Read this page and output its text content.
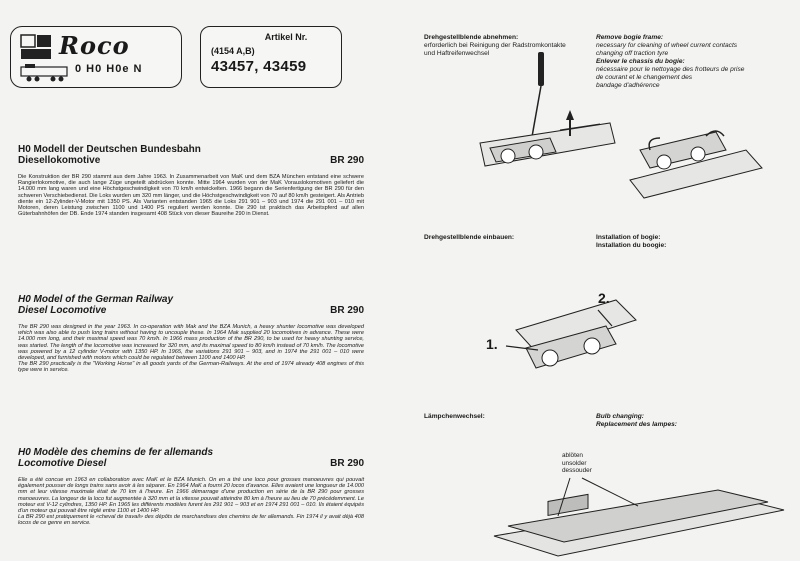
Roco
0 H0 H0e N
Artikel Nr.
(4154 A,B)
43457, 43459
H0 Modell der Deutschen Bundesbahn
Diesellokomotive	BR 290

Die Konstruktion der BR 290 stammt aus dem Jahre 1963. In Zusammenarbeit von MaK und dem BZA München entstand eine schwere Rangierlokomotive, die auch lange Züge ungeteilt abdrücken konnte. Mitte 1964 wurden von der MaK Vorauslokomotiven geliefert die 14.000 mm lang waren und eine Höchstgeschwindigkeit von 70 km/h entwickelten. 1966 begann die Serienfertigung der BR 290 für den schweren Verschiebedienst. Die Loks wurden um 320 mm länger, und die Höchstgeschwindigkeit von 70 auf 80 km/h gesteigert. Als Antrieb diente ein 12-Zylinder-V-Motor mit 1350 PS. Als Varianten entstanden 1965 die Loks 291 901 – 903 und 1974 die 291 001 – 010 mit Motoren, deren Leistung zwischen 1100 und 1400 PS reguliert werden konnte. Die 290 ist praktisch das Arbeitspferd auf allen Güterbahnhöfen der DB. Ende 1974 standen insgesamt 408 Stück von dieser Baureihe 290 in Dienst.

H0 Model of the German Railway
Diesel Locomotive	BR 290

The BR 290 was designed in the year 1963. In co-operation with Mak and the BZA Munich, a heavy shunter locomotive was developed which was also able to push long trains without having to uncouple these. In 1964 Mak supplied 20 locomotives in advance. These were 14.000 mm long, and their maximal speed was 70 km/h. In 1966 mass production of the BR 290, to be used for heavy shunting service, was started. The length of the locomotive was increased for 320 mm, and its maximal speed to 80 km/h instead of 70 km/h. The locomotive was powered by a 12 cylinder V-motor with 1350 HP. In 1965, the variations 291 901 – 903, and in 1974 the 291 001 – 010 were developed, and furnished with motors which could be regulated between 1100 and 1400 HP.

The BR 290 practically is the "Working Horse" in all goods yards of the German-Railways. At the end of 1974 already 408 engines of this type were in service.

H0 Modèle des chemins de fer allemands
Locomotive Diesel	BR 290

Elle a été concue en 1963 en collaboration avec MaK et le BZA Munich. On en a tiré une loco pour grosses manoeuvres qui pouvait également pousser de longs trains sans avoir à les séparer. En 1964 MaK a fourni 20 locos d'avance. Elles avaient une longueur de 14.000 mm et leur vitesse maximale était de 70 km à l'heure. En 1966 démarrage d'une production en série de la BR 290 pour grosses manoeuvres. La longeur de la loco fut augmentée à 320 mm et la vitesse pouvait atteindre 80 km à l'heure au lieu de 70 précédemment. Le moteur est V-12 cylindres, 1350 HP. En 1965 les différents modèles furent les 291 901 – 903 et en 1974 291 001 – 010. Ils étaient équipés d'un moteur qui pouvait être réglé entre 1100 et 1400 HP.

La BR 290 est pratiquement le «cheval de travail» des dépôts de marchandises des chemins de fer allemands. Fin 1974 il y avait déjà 408 locos de ce genre en service.

Drehgestellblende abnehmen:
erforderlich bei Reinigung der Radstromkontakte
und Haftreifenwechsel
Remove bogie frame:
necessary for cleaning of wheel current contacts
changing off traction tyre
Enlever le chassis du bogie:
nécessaire pour le nettoyage des frotteurs de prise
de courant et le changement des
bandage d'adhérence
Drehgestellblende einbauen:	Installation of bogie:
Installation du boogie:
1.
2.
Lämpchenwechsel:	Bulb changing:
Replacement des lampes:
ablöten
unsolder
dessouder
